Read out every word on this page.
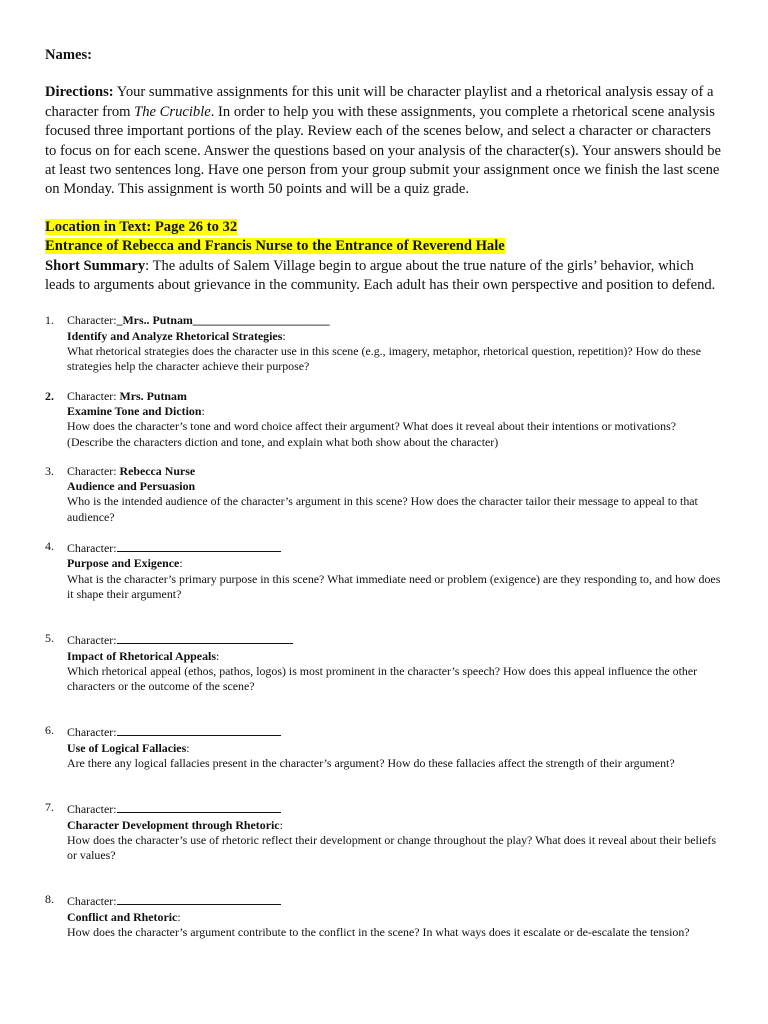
Names:

Directions: Your summative assignments for this unit will be character playlist and a rhetorical analysis essay of a character from The Crucible. In order to help you with these assignments, you complete a rhetorical scene analysis focused three important portions of the play. Review each of the scenes below, and select a character or characters to focus on for each scene. Answer the questions based on your analysis of the character(s). Your answers should be at least two sentences long. Have one person from your group submit your assignment once we finish the last scene on Monday. This assignment is worth 50 points and will be a quiz grade.

Location in Text: Page 26 to 32

Entrance of Rebecca and Francis Nurse to the Entrance of Reverend Hale

Short Summary: The adults of Salem Village begin to argue about the true nature of the girls’ behavior, which leads to arguments about grievance in the community. Each adult has their own perspective and position to defend.

1.	Character:_Mrs.. Putnam_______________________
Identify and Analyze Rhetorical Strategies:
What rhetorical strategies does the character use in this scene (e.g., imagery, metaphor, rhetorical question, repetition)? How do these strategies help the character achieve their purpose?
2.	Character: Mrs. Putnam
Examine Tone and Diction:
How does the character’s tone and word choice affect their argument? What does it reveal about their intentions or motivations? (Describe the characters diction and tone, and explain what both show about the character)
3.	Character: Rebecca Nurse
Audience and Persuasion
Who is the intended audience of the character’s argument in this scene? How does the character tailor their message to appeal to that audience?
4.	Character:
Purpose and Exigence:
What is the character’s primary purpose in this scene? What immediate need or problem (exigence) are they responding to, and how does it shape their argument?
5.	Character:
Impact of Rhetorical Appeals:
Which rhetorical appeal (ethos, pathos, logos) is most prominent in the character’s speech? How does this appeal influence the other characters or the outcome of the scene?
6.	Character:
Use of Logical Fallacies:
Are there any logical fallacies present in the character’s argument? How do these fallacies affect the strength of their argument?
7.	Character:
Character Development through Rhetoric:
How does the character’s use of rhetoric reflect their development or change throughout the play? What does it reveal about their beliefs or values?
8.	Character:
Conflict and Rhetoric:
How does the character’s argument contribute to the conflict in the scene? In what ways does it escalate or de-escalate the tension?
